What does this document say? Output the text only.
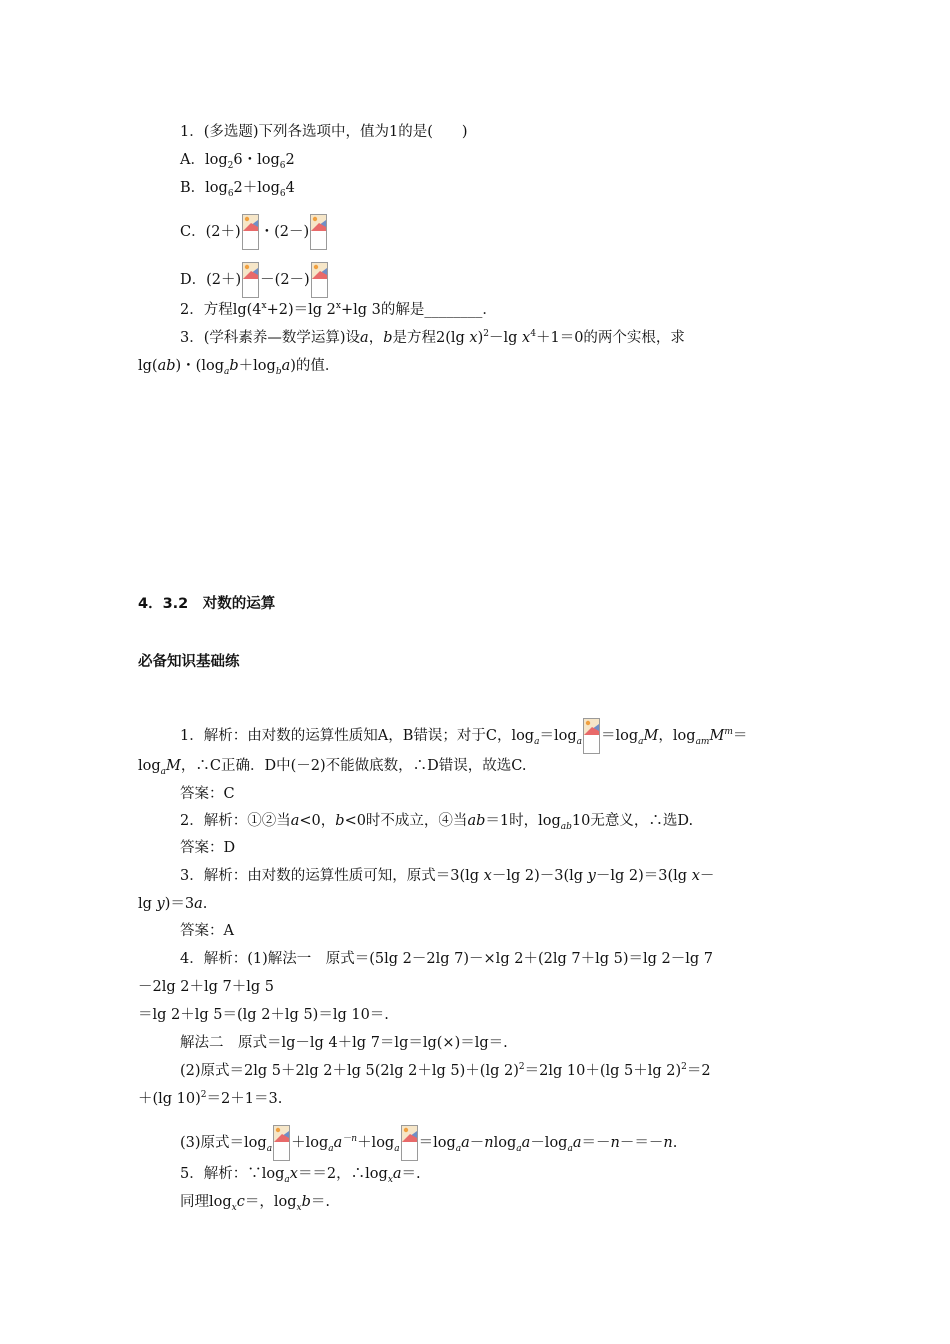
1．(多选题)下列各选项中，值为1的是(　　)
A．$\log_26$・$\log_62$
B．$\log_62+\log_64$
C．(2＋) ・(2－)
D．(2＋) －(2－)
2．方程$\lg(4^x+2)=\lg$ $2^x+\lg$ 3的解是________．
3．(学科素养—数学运算)设a，b是方程2(lg x)$^2$－lg $x^4+1=0$的两个实根，求
lg(ab)・$(\log_ab+\log_ba)$的值．
4．3.2　对数的运算
必备知识基础练
1．解析：由对数的运算性质知A，B错误；对于C，$\log_a=\log_a =\log_aM$，$\log_{am}M^m=$
$\log_aM$，∴C正确．D中(－2)不能做底数，∴D错误，故选C.
答案：C
2．解析：①②当a<0，b<0时不成立，④当ab＝1时，$\log_{ab}10$无意义，∴选D.
答案：D
3．解析：由对数的运算性质可知，原式＝3(lg x－lg 2)－3(lg y－lg 2)＝3(lg x－
lg y)＝3a.
答案：A
4．解析：(1)解法一　原式＝(5lg 2－2lg 7)－×lg 2＋(2lg 7＋lg 5)＝lg 2－lg 7
－2lg 2＋lg 7＋lg 5
＝lg 2＋lg 5＝(lg 2＋lg 5)＝lg 10＝.
解法二　原式＝lg－lg 4＋lg 7＝lg＝lg(×)＝lg＝.
(2)原式＝2lg 5＋2lg 2＋lg 5(2lg 2＋lg 5)＋(lg 2)$^2$＝2lg 10＋(lg 5＋lg 2)$^2$＝2
＋(lg 10)$^2$＝2＋1＝3.
(3)原式$=\log_a +\log_aa^{-n}+\log_a =\log_aa-nlog_aa-\log_aa=-n-=-n$.
5．解析：$\because\log_ax==2$，$\therefore\log_xa=$.
同理$\log_xc=$，$\log_xb=$.
